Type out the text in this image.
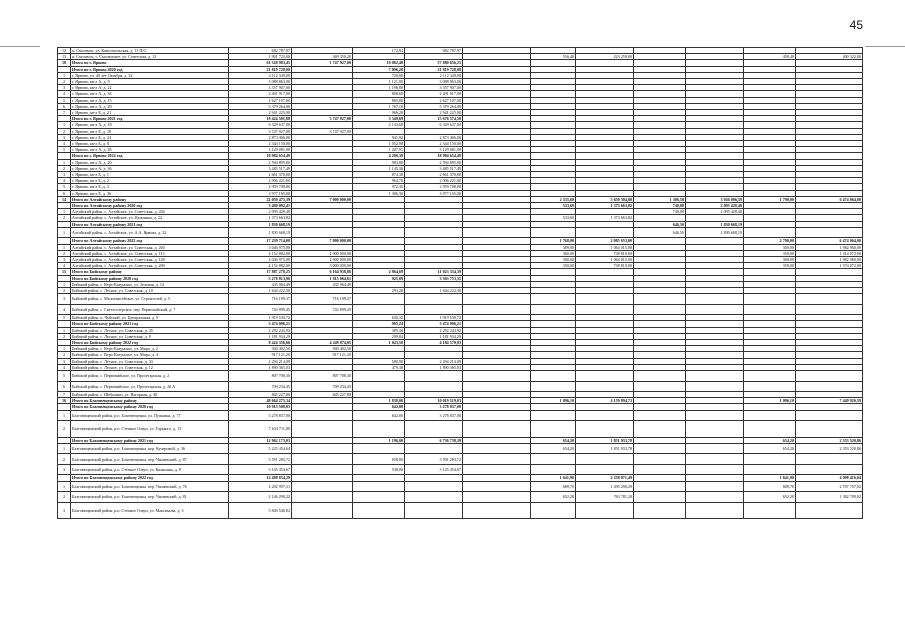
45
12	п. Смоленск, ул. Комсомольская, д. 11 П/О	682 787,97		172,94	682 787,97								
13	п. Смоленск, с. Смоленское, ул. Советская, д. 12	1 901 723,00	369 350,20				556,40	223 259,00			458,40	400 322,00	
18	Итого по г. Ярвово	61 328 983,45	1 747 927,00	19 082,40	57 880 656,25								
	Итого по г. Ярвово 2020 год	21 819 728,00		7 096,20	21 819 728,00								
1	г. Ярвово, ул. 40 лет Октября, д. 32	2 112 349,00		720,00	2 112 349,00								
2	г. Ярвово, кв-л А, д. 9	3 088 863,00		1 121,80	3 088 863,00								
3	г. Ярвово, кв-л А, д. 22	3 357 907,00		1 198,80	3 357 907,00								
4	г. Ярвово, кв-л А, д. 34	2 491 917,00		808,60	2 491 917,00								
5	г. Ярвово, кв-л А, д. 15	2 627 107,00		865,00	2 627 107,00								
6	г. Ярвово, кв-л А, д. 29	5 379 264,00		1 767,10	5 379 264,00								
7	г. Ярвово, кв-л Е, д. 21	2 941 225,00		966,20	2 941 225,00								
	Итого по г. Ярвово 2021 год	19 424 501,88	3 747 927,00	5 349,69	15 676 574,50								
1	г. Ярвово, кв-л А, д. 18	6 329 637,00		2 143,60	6 329 637,00								
2	г. Ярвово, кв-л Е, д. 10	3 747 927,00	3 747 927,00										
3	г. Ярвово, кв-л Е, д. 24	2 873 406,00		941,92	2 873 406,00								
4	г. Ярвово, кв-л Б, д. 8	2 344 150,00		1 052,98	2 344 150,00								
5	г. Ярвово, кв-л А, д. 26	3 129 081,00		1 207,91	3 129 081,00								
	Итого по г. Ярвово 2022 год	18 984 654,49		4 206,30	18 984 654,49								
1	г. Ярвово, кв-л А, д. 20	2 594 895,00		983,80	2 594 895,00								
2	г. Ярвово, кв-л А, д. 36	3 485 517,49		1 145,30	3 485 517,49								
3	г. Ярвово, кв-л Б, д. 1	2 661 370,00		874,30	2 661 370,00								
4	г. Ярвово, кв-л Б, д. 2	2 906 221,00		964,70	2 906 221,00								
5	г. Ярвово, кв-л Б, д. 3	2 959 708,00		972,30	2 959 708,00								
6	г. Ярвово, кв-л Е, д. 36	3 977 165,00		1 306,30	3 977 165,00								
14	Итого по Алтайскому району	22 059 475,39	7 000 000,00				2 335,60	5 659 304,80	1 306,50	3 926 096,59	1 790,00	6 474 064,00	
	Итого по Алтайскому району 2020 год	3 469 092,41					533,60	1 373 663,82	740,00	2 095 428,40			
1	Алтайский район, с. Алтайское, ул. Советская, д. 204	2 095 428,40							740,00	2 095 428,40			
2	Алтайский район, с. Алтайское, ул. Целинная, д. 22	1 373 663,82					533,60	1 373 663,82					
	Итого по Алтайскому району 2021 год	1 830 668,19							646,50	1 830 668,19			
1	Алтайский район, с. Алтайское, ул. А.А. Ярвова, д. 32	1 830 668,19							646,50	1 830 668,19			
	Итого по Алтайскому району 2022 год	17 259 714,00	7 000 000,00				1 768,00	2 085 653,00			2 790,00	6 474 064,00	
1	Алтайский район, с. Алтайское, ул. Советская, д. 204	3 046 975,00					389,00	1 064 015,00			300,00	1 982 960,00	
2	Алтайский район, с. Алтайское, ул. Советская, д. 113	4 152 882,00	2 000 000,00				360,00	738 810,00			350,00	1 314 072,00	
3	Алтайский район, с. Алтайское, ул. Советская, д. 128	4 046 975,00	2 000 000,00				390,00	1 064 015,00			300,00	1 982 960,00	
4	Алтайский район, с. Алтайское, ул. Советская, д. 200	4 152 882,00	3 000 000,00				350,00	738 810,00			350,00	1 374 072,00	
15	Итого по Бийскому району	17 887 278,25	6 164 938,86	2 864,69	11 023 334,39								
	Итого по Бийскому району 2020 год	5 278 813,96	1 915 064,61	925,09	3 363 753,35								
1	Бийский район, с. Верх-Катунское, ул. Зеленая, д. 14	435 964,49	435 964,49										
2	Бийский район, с. Лесное, ул. Советская, д. 10	1 644 222,30		293,28	1 644 222,30								
3	Бийский район, с. Малоенисейское, ул. Строителей, д. 5	716 199,37	716 199,37										
4	Бийский район, с. Светлоозерское, пер. Первомайский, д. 7	743 899,45	743 899,45										
5	Бийский район, п. Чуйский, ул. Центральная, д. 9	1 919 530,72		630,32	1 919 530,72								
	Итого по Бийскому району 2021 год	3 474 096,21		905,24	3 474 096,21								
1	Бийский район, с. Лесное, ул. Советская, д. 35	2 292 243,92		385,30	2 292 243,92								
2	Бийский район, с. Лесное, ул. Советская, д. 8	1 181 934,29		299,84	1 181 934,29								
	Итого по Бийскому району 2022 год	8 424 356,66	4 249 874,05	1 043,50	4 184 579,93								
1	Бийский район, с. Верх-Катунское, ул. Мира, д. 2	940 402,50	940 402,50										
2	Бийский район, с. Верх-Катунское, ул. Мира, д. 4	917 121,20	917 121,20										
3	Бийский район, с. Лесное, ул. Советская, д. 33	2 294 214,09		580,90	2 294 214,09								
4	Бийский район, с. Лесное, ул. Советская, д. 12	1 890 365,03		479,30	1 890 365,03								
5	Бийский район, с. Первомайское, ул. Пролетарская, д. 2	807 708,30	807 708,30										
6	Бийский район, с. Первомайское, ул. Пролетарская, д. 20 А	709 234,45	709 234,45										
7	Бийский район, с. Шебалино, ул. Нагорная, д. 40	845 227,80	845 227,80										
16	Итого по Благовещенскому району	48 664 275,34		1 838,00	10 019 519,03		1 096,10	4 159 894,73			1 096,10	7 449 926,59	
	Итого по Благовещенскому району 2020 год	10 913 508,03		642,00	3 278 837,00								
1	Благовещенский район, р.п. Благовещенка, ул. Пушкина, д. 77	3 278 837,00		642,00	3 278 837,00								
2	Благовещенский район, р.п. Степное Озеро, ул. Горького, д. 13	7 634 711,00											
	Итого по Благовещенскому району 2021 год	12 962 173,03		1 196,00	6 736 738,39		654,20	1 851 933,78			654,20	2 353 520,86	
1	Благовещенский район, р.п. Благовещенка, пер. Кучеровой, д. 36	5 225 454,64					654,20	1 851 933,78			654,20	2 353 520,86	
2	Благовещенский район, р.п. Благовещенка, пер. Чапаевский, д. 87	3 591 283,72		658,00	3 591 283,72								
3	Благовещенский район, р.п. Степное Озеро, ул. Калинина, д. 8	3 145 454,67		538,00	3 145 454,67								
	Итого по Благовещенскому району 2022 год	12 498 834,29					1 641,90	2 258 071,49			1 641,90	4 098 416,04	
1	Благовещенский район, р.п. Благовещенка, пер. Чапаевский, д. 76	4 202 997,31					689,70	1 495 290,29			689,70	2 707 707,02	
2	Благовещенский район, р.п. Благовещенка, пер. Чапаевский, д. 81	2 146 290,22					652,20	763 781,20			652,20	1 382 709,02	
3	Благовещенский район, р.п. Степное Озеро, ул. Максимова, д. 3	5 849 546,82											
